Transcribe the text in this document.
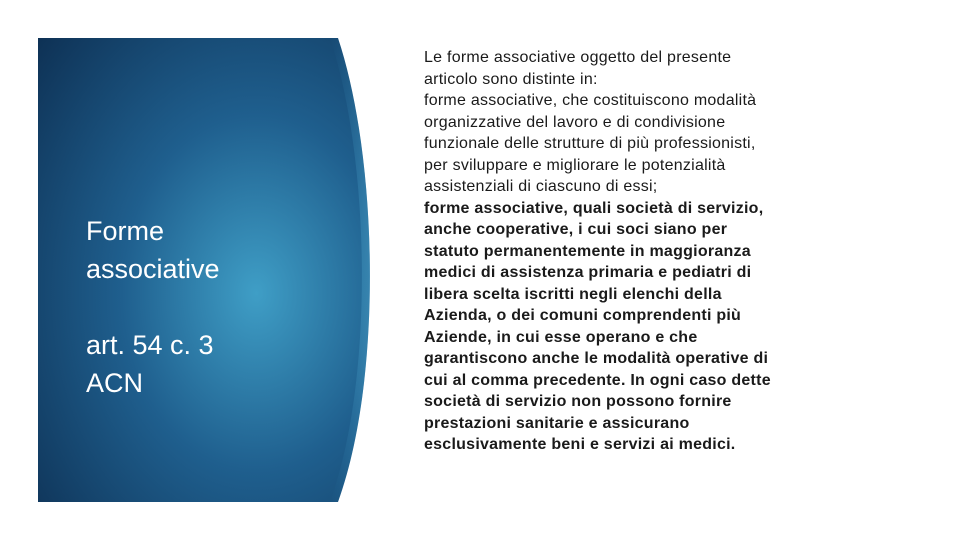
Forme
associative
art. 54 c. 3
ACN
Le forme associative oggetto del presente
articolo sono distinte in:
forme associative, che costituiscono modalità
organizzative del lavoro e di condivisione
funzionale delle strutture di più professionisti,
per sviluppare e migliorare le potenzialità
assistenziali di ciascuno di essi;
forme associative, quali società di servizio,
anche cooperative, i cui soci siano per
statuto permanentemente in maggioranza
medici di assistenza primaria e pediatri di
libera scelta iscritti negli elenchi della
Azienda, o dei comuni comprendenti più
Aziende, in cui esse operano e che
garantiscono anche le modalità operative di
cui al comma precedente. In ogni caso dette
società di servizio non possono fornire
prestazioni sanitarie e assicurano
esclusivamente beni e servizi ai medici.
